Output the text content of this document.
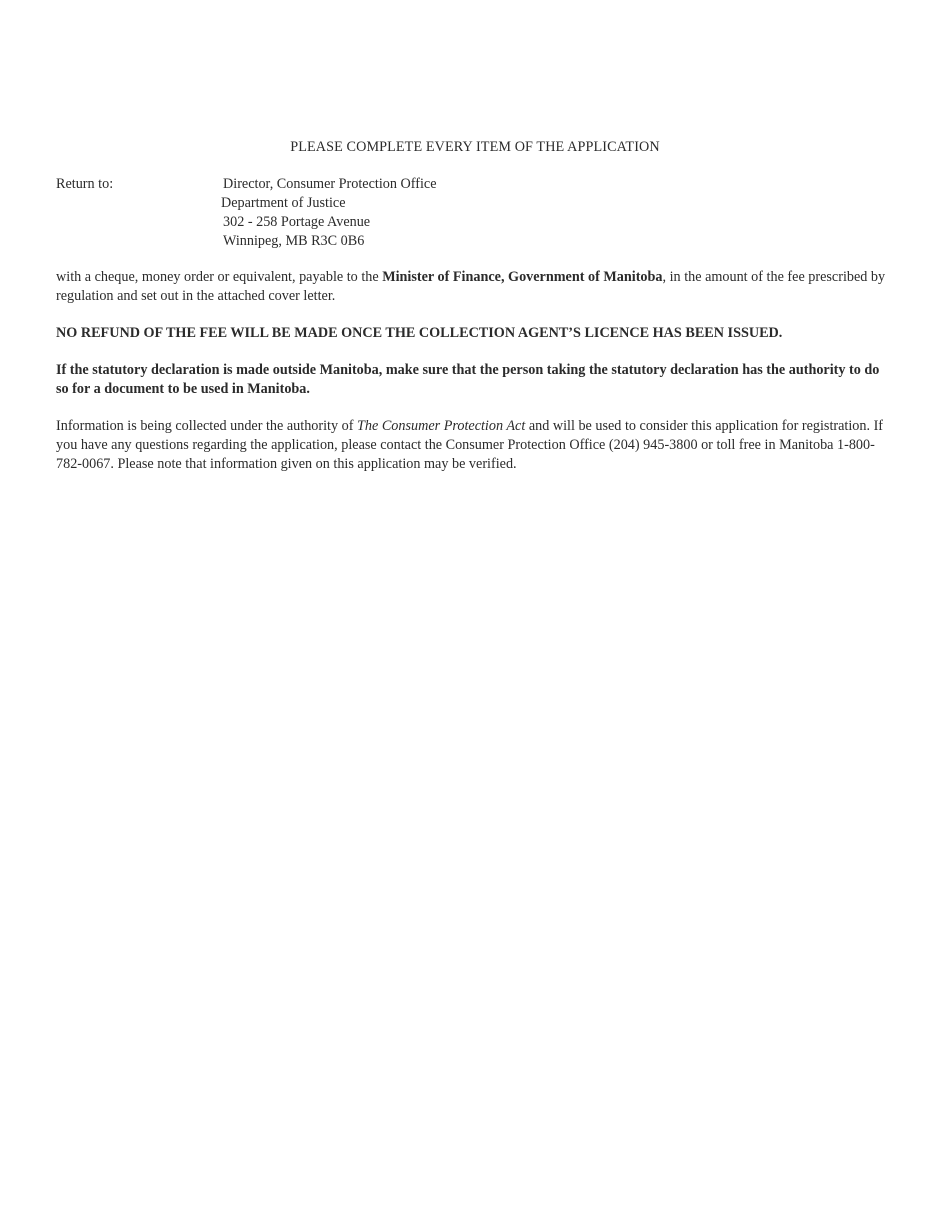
PLEASE COMPLETE EVERY ITEM OF THE APPLICATION

Return to:	Director, Consumer Protection Office
Department of Justice
302 - 258 Portage Avenue
Winnipeg, MB R3C 0B6

with a cheque, money order or equivalent, payable to the Minister of Finance, Government of Manitoba, in the amount of the fee prescribed by regulation and set out in the attached cover letter.

NO REFUND OF THE FEE WILL BE MADE ONCE THE COLLECTION AGENT’S LICENCE HAS BEEN ISSUED.

If the statutory declaration is made outside Manitoba, make sure that the person taking the statutory declaration has the authority to do so for a document to be used in Manitoba.

Information is being collected under the authority of The Consumer Protection Act and will be used to consider this application for registration. If you have any questions regarding the application, please contact the Consumer Protection Office (204) 945-3800 or toll free in Manitoba 1-800-782-0067. Please note that information given on this application may be verified.
